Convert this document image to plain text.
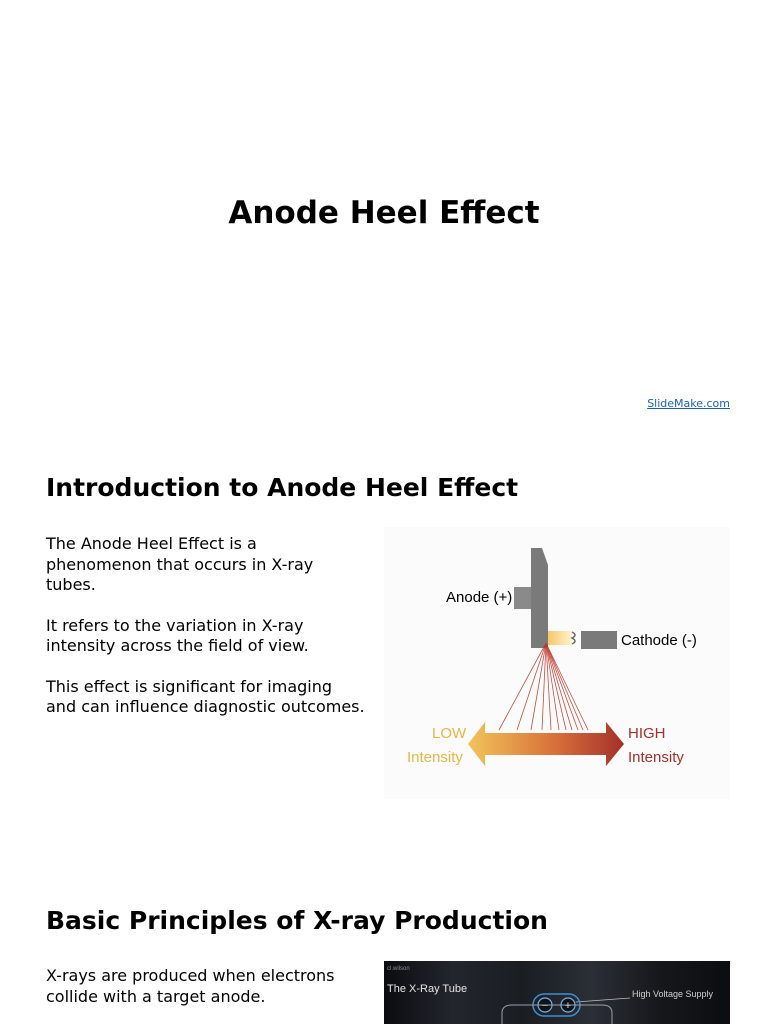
Anode Heel Effect
SlideMake.com
Introduction to Anode Heel Effect

The Anode Heel Effect is a phenomenon that occurs in X-ray tubes.

It refers to the variation in X-ray intensity across the field of view.

This effect is significant for imaging and can influence diagnostic outcomes.

Anode (+)
Cathode (-)
LOW
Intensity
HIGH
Intensity
Basic Principles of X-ray Production

X-rays are produced when electrons collide with a target anode.

cl.wilson
The X-Ray Tube	High Voltage Supply
− +
